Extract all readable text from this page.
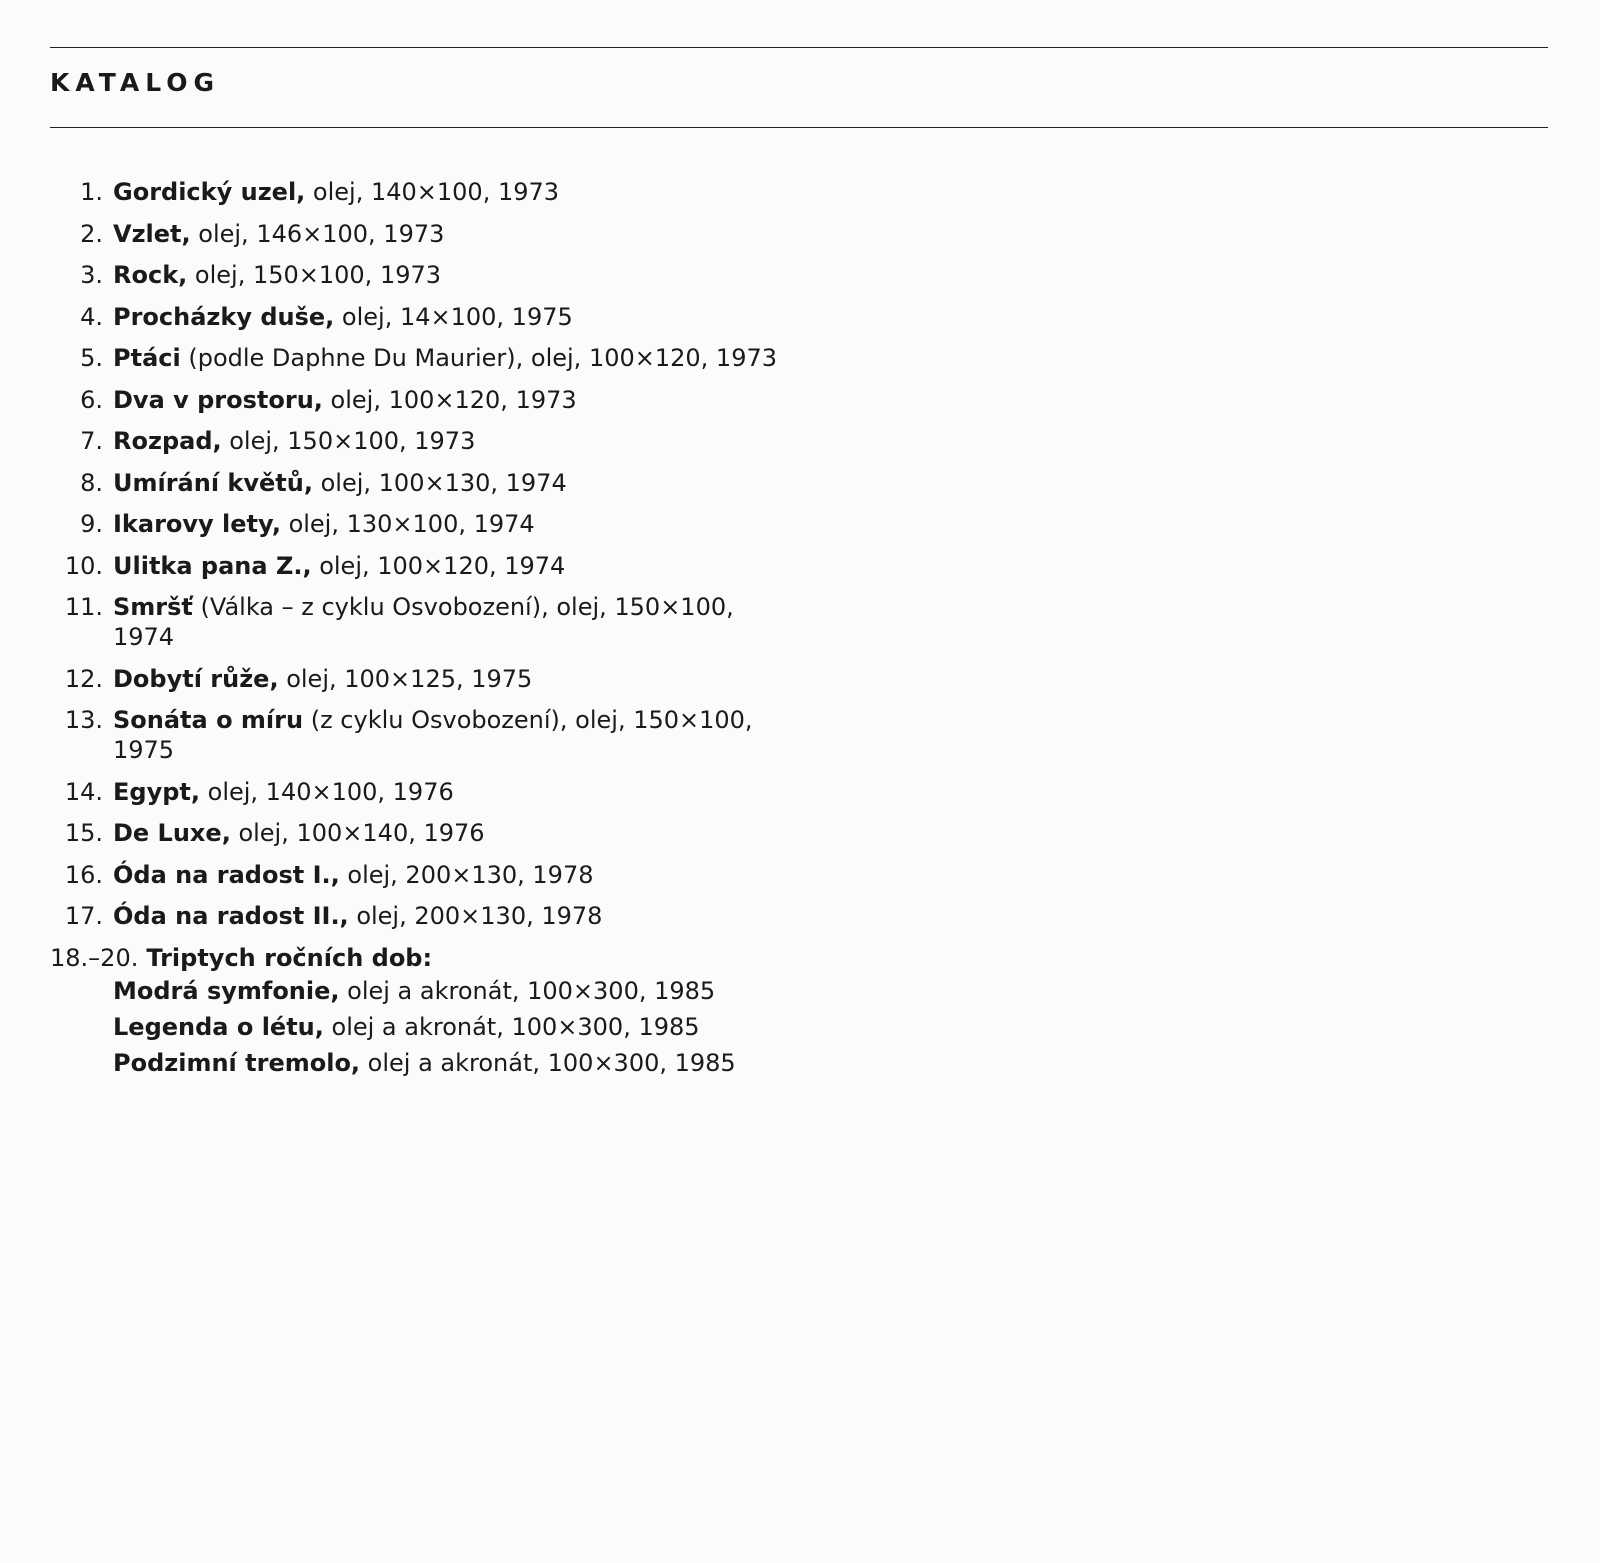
KATALOG
1. Gordický uzel, olej, 140×100, 1973
2. Vzlet, olej, 146×100, 1973
3. Rock, olej, 150×100, 1973
4. Procházky duše, olej, 14×100, 1975
5. Ptáci (podle Daphne Du Maurier), olej, 100×120, 1973
6. Dva v prostoru, olej, 100×120, 1973
7. Rozpad, olej, 150×100, 1973
8. Umírání květů, olej, 100×130, 1974
9. Ikarovy lety, olej, 130×100, 1974
10. Ulitka pana Z., olej, 100×120, 1974
11. Smršť (Válka – z cyklu Osvobození), olej, 150×100, 1974
12. Dobytí růže, olej, 100×125, 1975
13. Sonáta o míru (z cyklu Osvobození), olej, 150×100, 1975
14. Egypt, olej, 140×100, 1976
15. De Luxe, olej, 100×140, 1976
16. Óda na radost I., olej, 200×130, 1978
17. Óda na radost II., olej, 200×130, 1978
18.–20. Triptych ročních dob:
Modrá symfonie, olej a akronát, 100×300, 1985
Legenda o létu, olej a akronát, 100×300, 1985
Podzimní tremolo, olej a akronát, 100×300, 1985
